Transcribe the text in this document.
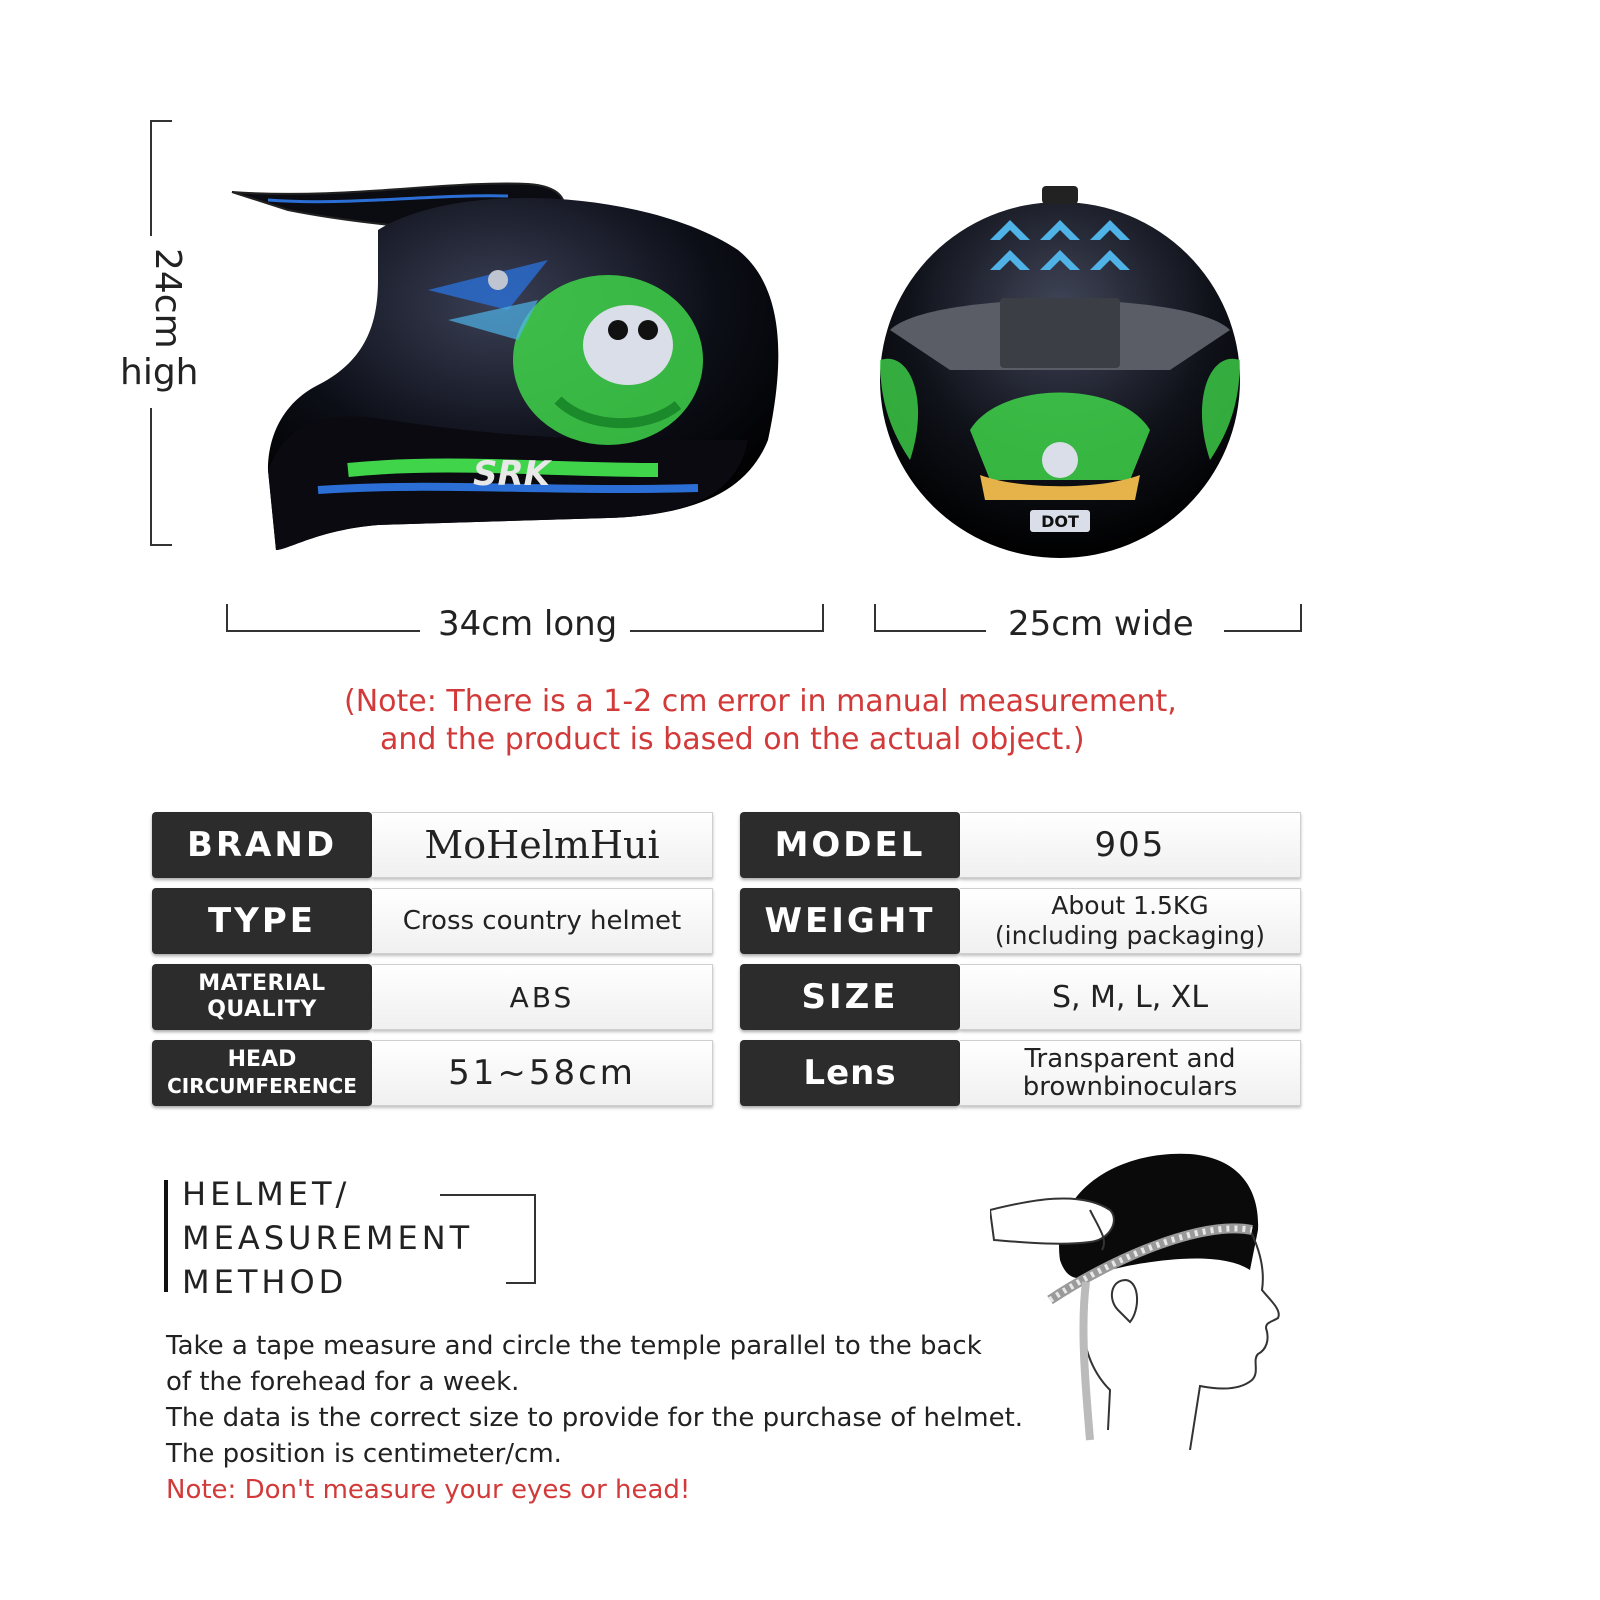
24cm
high
SRK
DOT
34cm long	25cm wide
(Note: There is a 1-2 cm error in manual measurement,
and the product is based on the actual object.)
BRAND	MoHelmHui
TYPE	Cross country helmet
MATERIAL
QUALITY	ABS
HEAD
CIRCUMFERENCE	51~58cm
MODEL	905
WEIGHT	About 1.5KG
(including packaging)
SIZE	S, M, L, XL
Lens	Transparent and
brownbinoculars
HELMET/
MEASUREMENT
METHOD
Take a tape measure and circle the temple parallel to the back
of the forehead for a week.
The data is the correct size to provide for the purchase of helmet.
The position is centimeter/cm.
Note: Don't measure your eyes or head!
